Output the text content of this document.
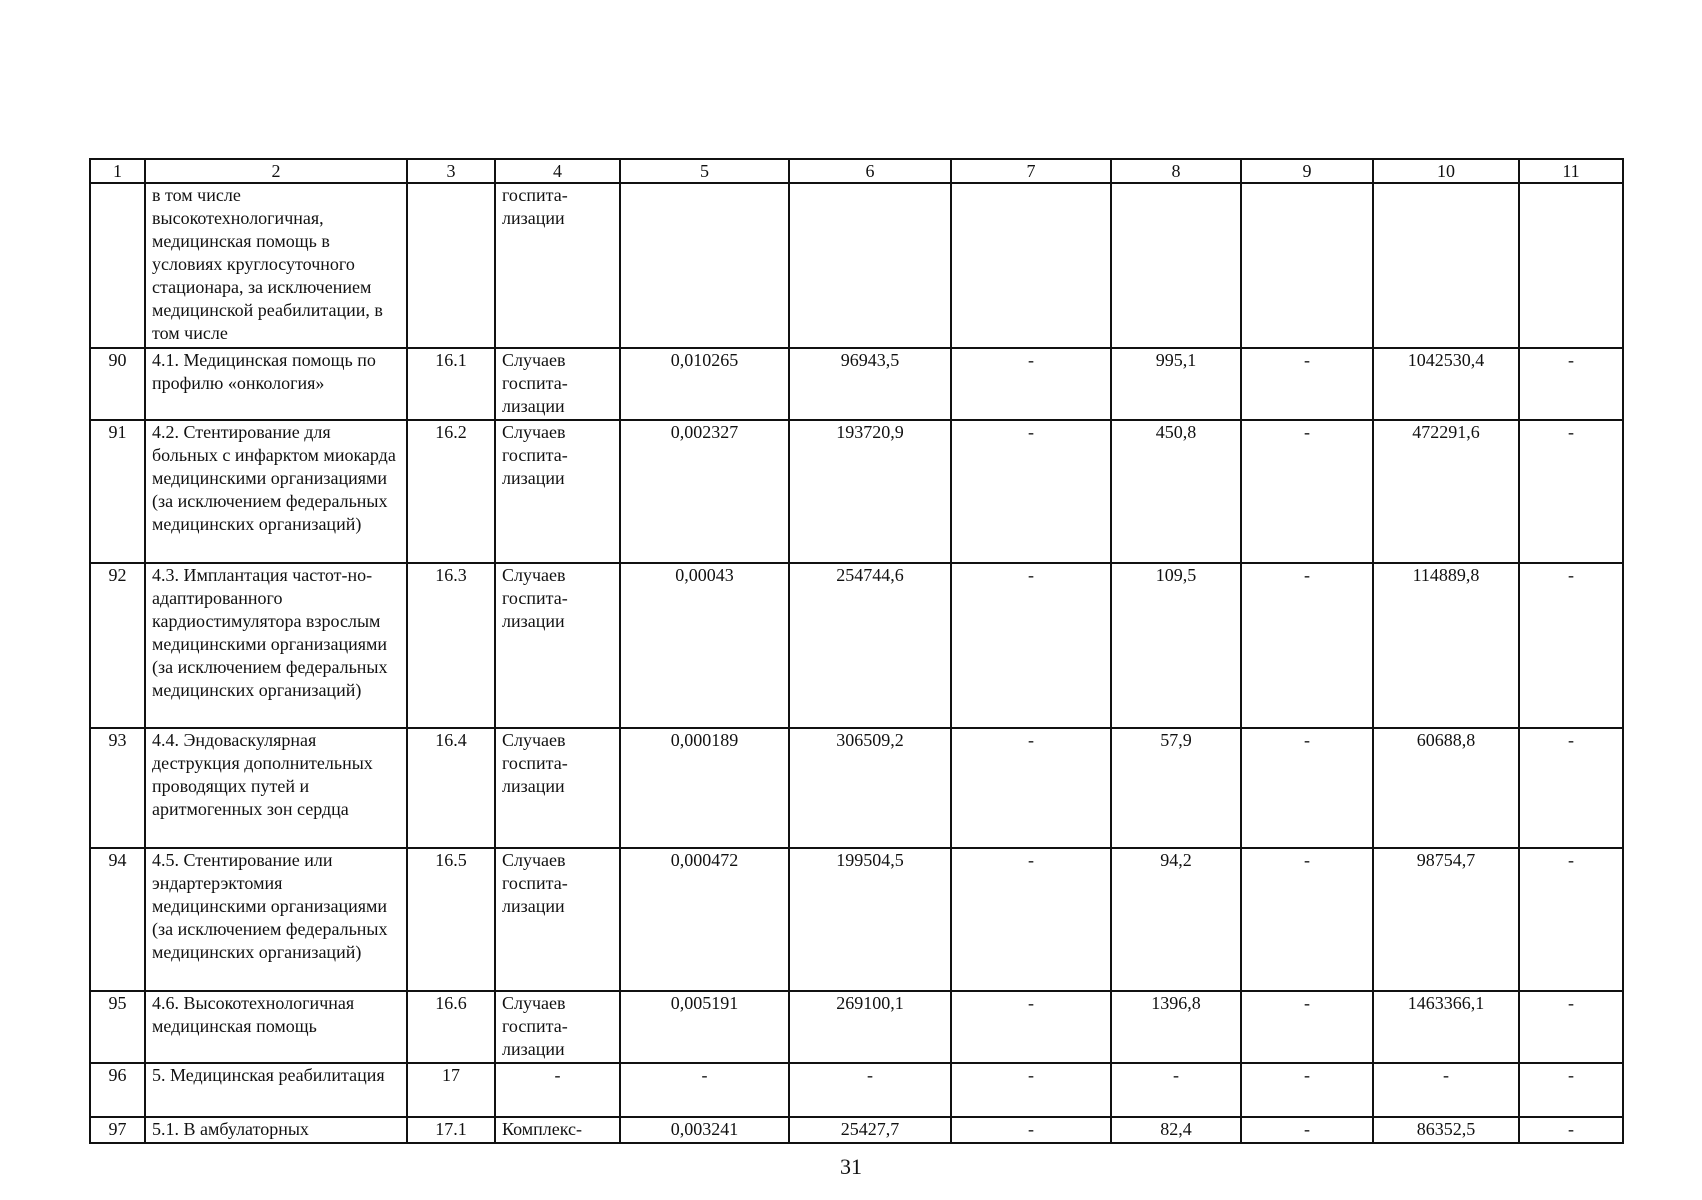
1	2	3	4	5	6	7	8	9	10	11
	в том числе высокотехнологичная, медицинская помощь в условиях круглосуточного стационара, за исключением медицинской реабилитации, в том числе		госпита-лизации							
90	4.1. Медицинская помощь по профилю «онкология»	16.1	Случаев госпита-лизации	0,010265	96943,5	-	995,1	-	1042530,4	-
91	4.2. Стентирование для больных с инфарктом миокарда медицинскими организациями (за исключением федеральных медицинских организаций)	16.2	Случаев госпита-лизации	0,002327	193720,9	-	450,8	-	472291,6	-
92	4.3. Имплантация частот-но-адаптированного кардиостимулятора взрослым медицинскими организациями (за исключением федеральных медицинских организаций)	16.3	Случаев госпита-лизации	0,00043	254744,6	-	109,5	-	114889,8	-
93	4.4. Эндоваскулярная деструкция дополнительных проводящих путей и аритмогенных зон сердца	16.4	Случаев госпита-лизации	0,000189	306509,2	-	57,9	-	60688,8	-
94	4.5. Стентирование или эндартерэктомия медицинскими организациями (за исключением федеральных медицинских организаций)	16.5	Случаев госпита-лизации	0,000472	199504,5	-	94,2	-	98754,7	-
95	4.6. Высокотехнологичная медицинская помощь	16.6	Случаев госпита-лизации	0,005191	269100,1	-	1396,8	-	1463366,1	-
96	5. Медицинская реабилитация	17	-	-	-	-	-	-	-	-
97	5.1. В амбулаторных	17.1	Комплекс-	0,003241	25427,7	-	82,4	-	86352,5	-
31
